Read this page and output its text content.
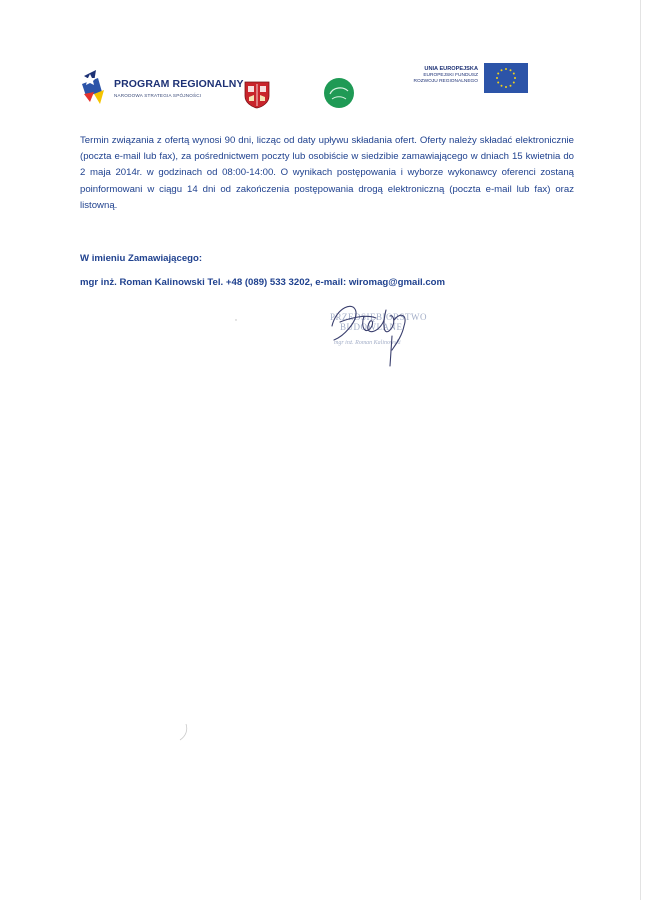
PROGRAM REGIONALNY
NARODOWA STRATEGIA SPÓJNOŚCI
UNIA EUROPEJSKA
EUROPEJSKI FUNDUSZ
ROZWOJU REGIONALNEGO

Termin związania z ofertą wynosi 90 dni, licząc od daty upływu składania ofert. Oferty należy składać elektronicznie (poczta e-mail lub fax), za pośrednictwem poczty lub osobiście w siedzibie zamawiającego w dniach 15 kwietnia do 2 maja 2014r. w godzinach od 08:00-14:00. O wynikach postępowania i wyborze wykonawcy oferenci zostaną poinformowani w ciągu 14 dni od zakończenia postępowania drogą elektroniczną (poczta e-mail lub fax) oraz listowną.

W imieniu Zamawiającego:
mgr inż. Roman Kalinowski Tel. +48 (089) 533 3202, e-mail: wiromag@gmail.com
PRZEDSIĘBIORSTWO
BUDOWLANE
mgr inż. Roman Kalinowski
